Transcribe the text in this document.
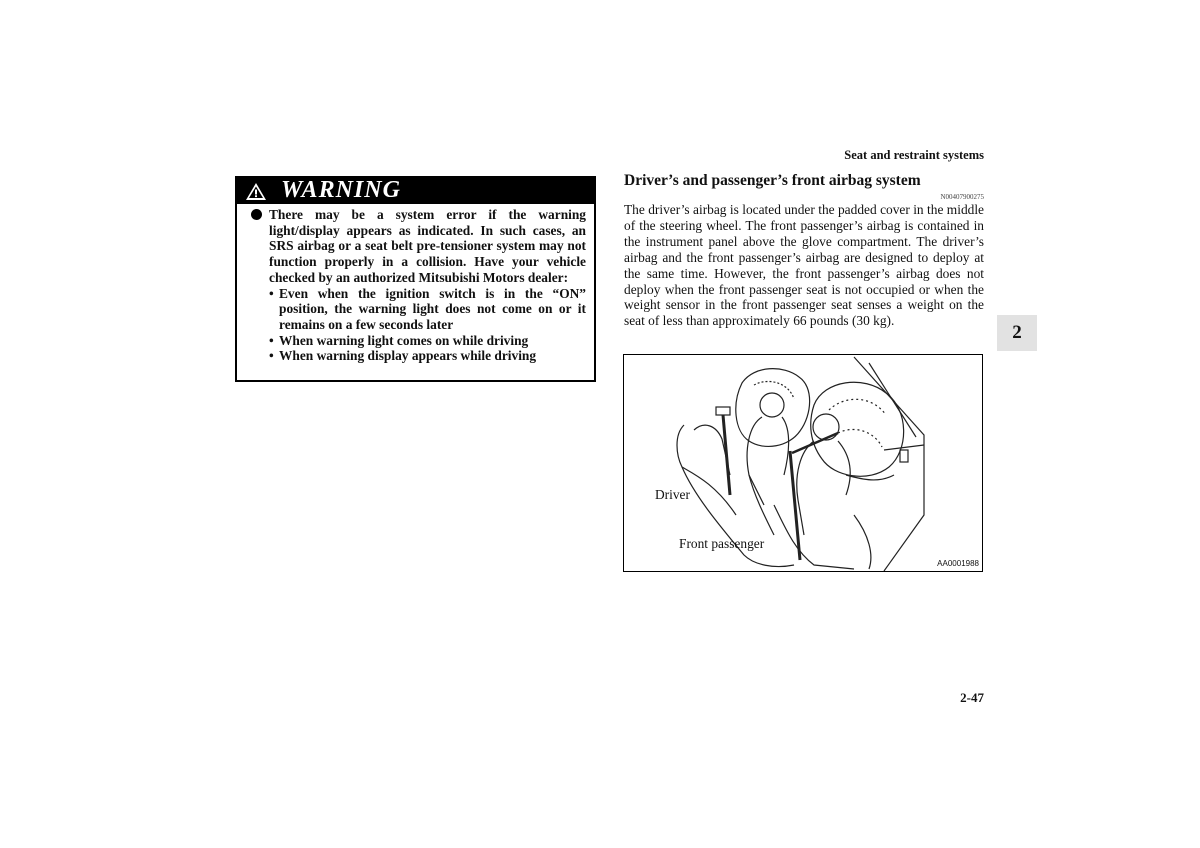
Seat and restraint systems
WARNING
There may be a system error if the warning light/display appears as indicated. In such cases, an SRS airbag or a seat belt pre-tensioner system may not function properly in a collision. Have your vehicle checked by an authorized Mitsubishi Motors dealer:
• Even when the ignition switch is in the “ON” position, the warning light does not come on or it remains on a few seconds later
• When warning light comes on while driving
• When warning display appears while driving
Driver’s and passenger’s front airbag system
N00407900275
The driver’s airbag is located under the padded cover in the middle of the steering wheel. The front passenger’s airbag is contained in the instrument panel above the glove compartment. The driver’s airbag and the front passenger’s airbag are designed to deploy at the same time. However, the front passenger’s airbag does not deploy when the front passenger seat is not occupied or when the weight sensor in the front passenger seat senses a weight on the seat of less than approximately 66 pounds (30 kg).
Driver
Front passenger
AA0001988
2
2-47
